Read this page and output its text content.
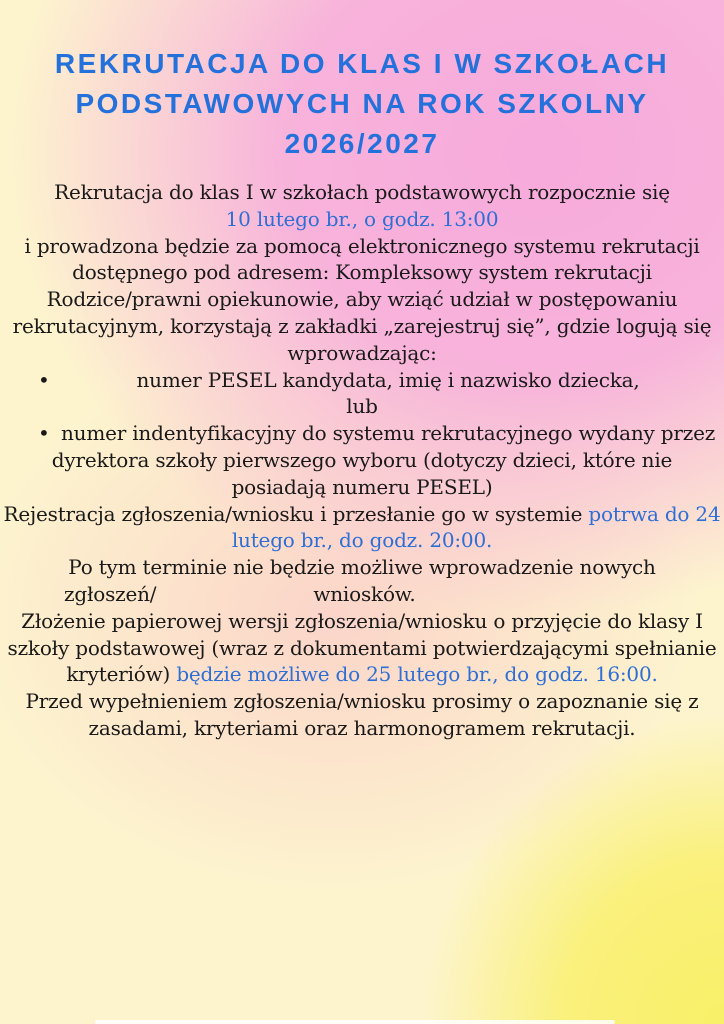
REKRUTACJA DO KLAS I W SZKOŁACH
PODSTAWOWYCH NA ROK SZKOLNY
2026/2027
Rekrutacja do klas I w szkołach podstawowych rozpocznie się
10 lutego br., o godz. 13:00
i prowadzona będzie za pomocą elektronicznego systemu rekrutacji
dostępnego pod adresem: Kompleksowy system rekrutacji
Rodzice/prawni opiekunowie, aby wziąć udział w postępowaniu
rekrutacyjnym, korzystają z zakładki „zarejestruj się”, gdzie logują się
wprowadzając:
•	numer PESEL kandydata, imię i nazwisko dziecka,
lub
• numer indentyfikacyjny do systemu rekrutacyjnego wydany przez
dyrektora szkoły pierwszego wyboru (dotyczy dzieci, które nie
posiadają numeru PESEL)
Rejestracja zgłoszenia/wniosku i przesłanie go w systemie potrwa do 24
lutego br., do godz. 20:00.
Po tym terminie nie będzie możliwe wprowadzenie nowych
zgłoszeń/	wniosków.
Złożenie papierowej wersji zgłoszenia/wniosku o przyjęcie do klasy I
szkoły podstawowej (wraz z dokumentami potwierdzającymi spełnianie
kryteriów) będzie możliwe do 25 lutego br., do godz. 16:00.
Przed wypełnieniem zgłoszenia/wniosku prosimy o zapoznanie się z
zasadami, kryteriami oraz harmonogramem rekrutacji.
